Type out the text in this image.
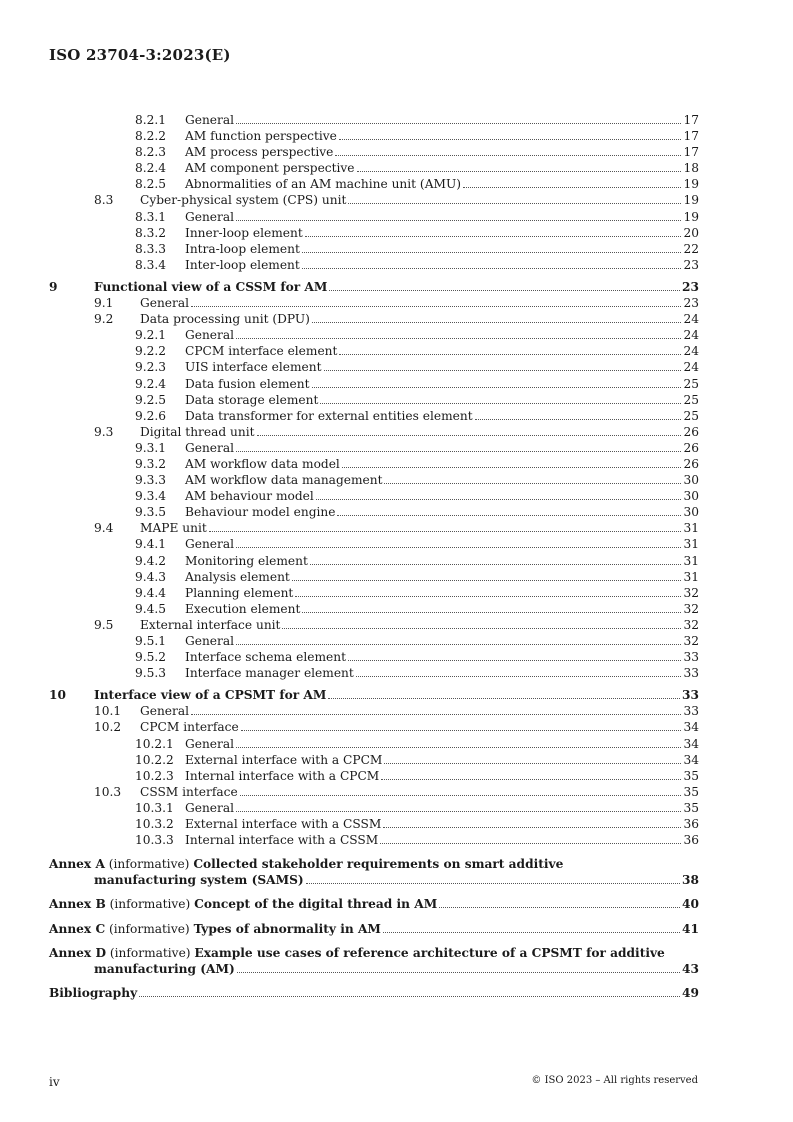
ISO 23704-3:2023(E)
8.2.1 General	17
8.2.2 AM function perspective	17
8.2.3 AM process perspective	17
8.2.4 AM component perspective	18
8.2.5 Abnormalities of an AM machine unit (AMU)	19
8.3 Cyber-physical system (CPS) unit	19
8.3.1 General	19
8.3.2 Inner-loop element	20
8.3.3 Intra-loop element	22
8.3.4 Inter-loop element	23
9	Functional view of a CSSM for AM	23
9.1 General	23
9.2 Data processing unit (DPU)	24
9.2.1 General	24
9.2.2 CPCM interface element	24
9.2.3 UIS interface element	24
9.2.4 Data fusion element	25
9.2.5 Data storage element	25
9.2.6 Data transformer for external entities element	25
9.3 Digital thread unit	26
9.3.1 General	26
9.3.2 AM workflow data model	26
9.3.3 AM workflow data management	30
9.3.4 AM behaviour model	30
9.3.5 Behaviour model engine	30
9.4 MAPE unit	31
9.4.1 General	31
9.4.2 Monitoring element	31
9.4.3 Analysis element	31
9.4.4 Planning element	32
9.4.5 Execution element	32
9.5 External interface unit	32
9.5.1 General	32
9.5.2 Interface schema element	33
9.5.3 Interface manager element	33
10 Interface view of a CPSMT for AM	33
10.1 General	33
10.2 CPCM interface	34
10.2.1 General	34
10.2.2 External interface with a CPCM	34
10.2.3 Internal interface with a CPCM	35
10.3 CSSM interface	35
10.3.1 General	35
10.3.2 External interface with a CSSM	36
10.3.3 Internal interface with a CSSM	36
Annex A (informative) Collected stakeholder requirements on smart additive
manufacturing system (SAMS)	38
Annex B (informative) Concept of the digital thread in AM	40
Annex C (informative) Types of abnormality in AM	41
Annex D (informative) Example use cases of reference architecture of a CPSMT for additive
manufacturing (AM)	43
Bibliography	49
iv	© ISO 2023 – All rights reserved
